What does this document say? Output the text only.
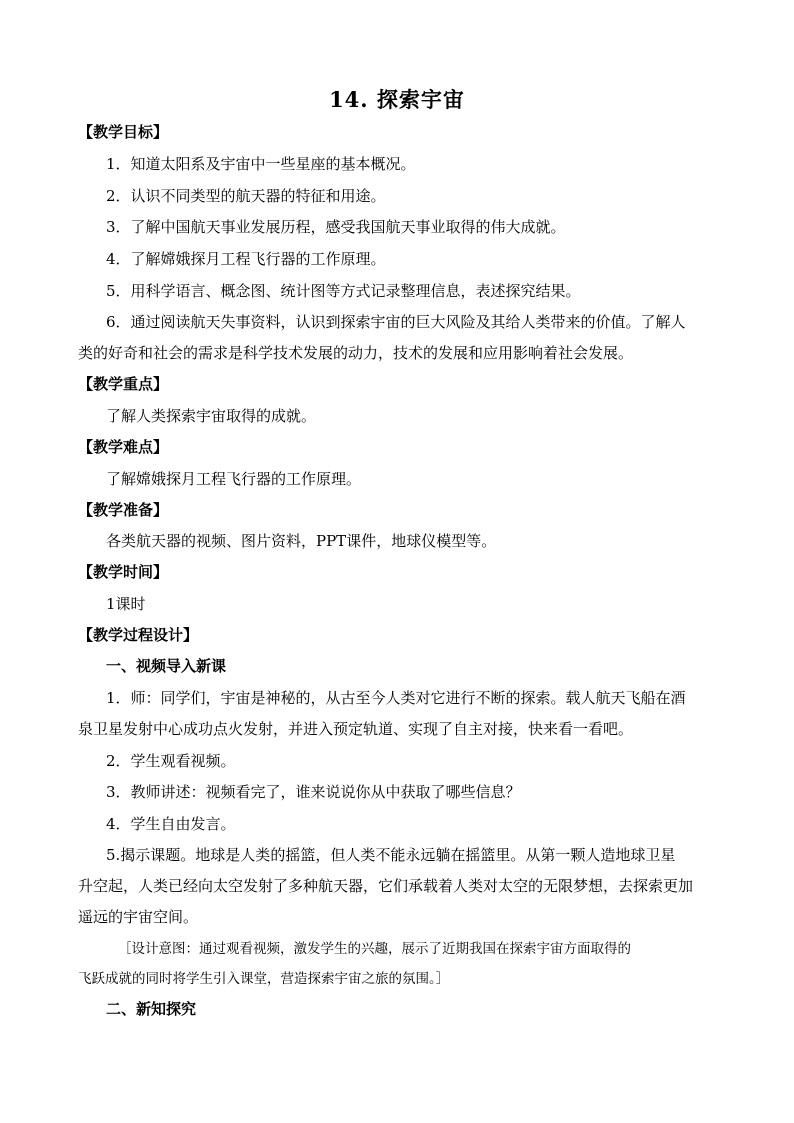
14. 探索宇宙
【教学目标】
1．知道太阳系及宇宙中一些星座的基本概况。
2．认识不同类型的航天器的特征和用途。
3．了解中国航天事业发展历程，感受我国航天事业取得的伟大成就。
4．了解嫦娥探月工程飞行器的工作原理。
5．用科学语言、概念图、统计图等方式记录整理信息，表述探究结果。
6．通过阅读航天失事资料，认识到探索宇宙的巨大风险及其给人类带来的价值。了解人
类的好奇和社会的需求是科学技术发展的动力，技术的发展和应用影响着社会发展。
【教学重点】
了解人类探索宇宙取得的成就。
【教学难点】
了解嫦娥探月工程飞行器的工作原理。
【教学准备】
各类航天器的视频、图片资料，PPT课件，地球仪模型等。
【教学时间】
1课时
【教学过程设计】
一、视频导入新课
1．师：同学们，宇宙是神秘的，从古至今人类对它进行不断的探索。载人航天飞船在酒
泉卫星发射中心成功点火发射，并进入预定轨道、实现了自主对接，快来看一看吧。
2．学生观看视频。
3．教师讲述：视频看完了，谁来说说你从中获取了哪些信息？
4．学生自由发言。
5.揭示课题。地球是人类的摇篮，但人类不能永远躺在摇篮里。从第一颗人造地球卫星
升空起，人类已经向太空发射了多种航天器，它们承载着人类对太空的无限梦想，去探索更加
遥远的宇宙空间。
［设计意图：通过观看视频，激发学生的兴趣，展示了近期我国在探索宇宙方面取得的
飞跃成就的同时将学生引入课堂，营造探索宇宙之旅的氛围。］
二、新知探究
